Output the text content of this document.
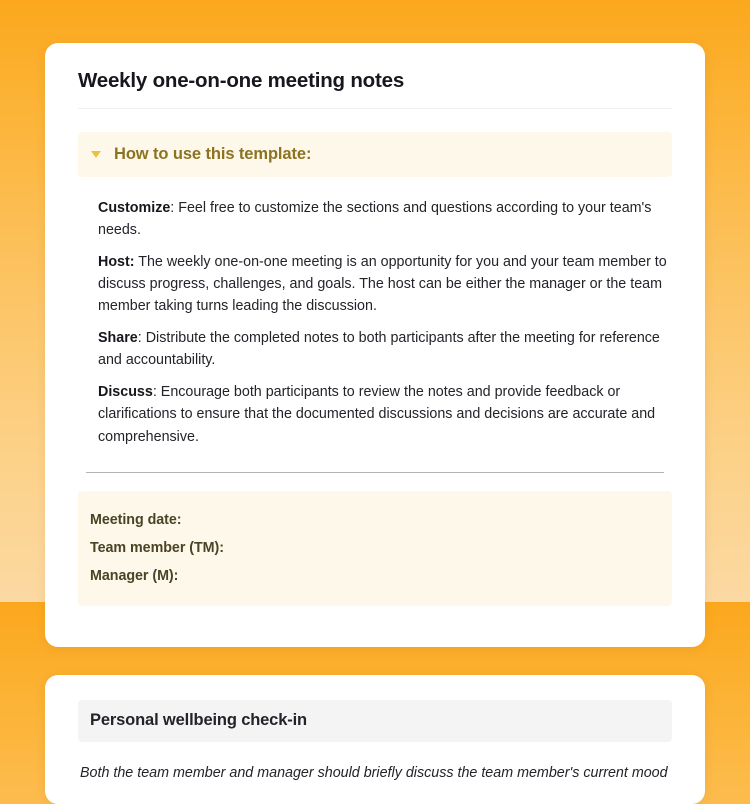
Weekly one-on-one meeting notes
How to use this template:

Customize: Feel free to customize the sections and questions according to your team's needs.

Host: The weekly one-on-one meeting is an opportunity for you and your team member to discuss progress, challenges, and goals. The host can be either the manager or the team member taking turns leading the discussion.

Share: Distribute the completed notes to both participants after the meeting for reference and accountability.

Discuss: Encourage both participants to review the notes and provide feedback or clarifications to ensure that the documented discussions and decisions are accurate and comprehensive.

Meeting date:
Team member (TM):
Manager (M):
Personal wellbeing check-in

Both the team member and manager should briefly discuss the team member's current mood
